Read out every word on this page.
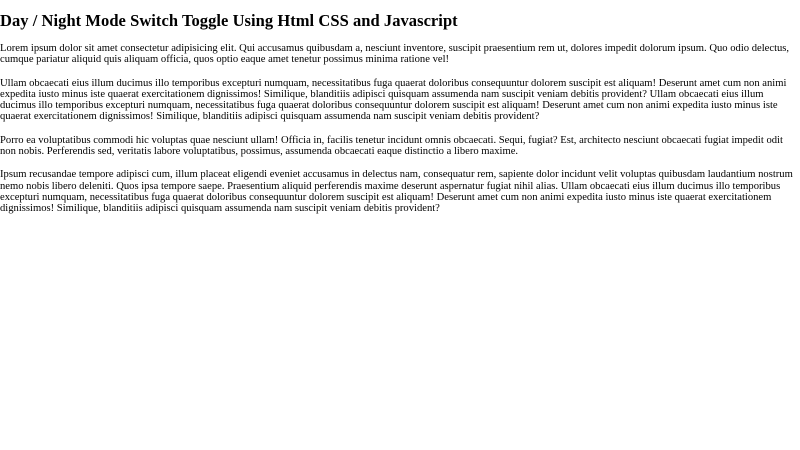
Day / Night Mode Switch Toggle Using Html CSS and Javascript

Lorem ipsum dolor sit amet consectetur adipisicing elit. Qui accusamus quibusdam a, nesciunt inventore, suscipit praesentium rem ut, dolores impedit dolorum ipsum. Quo odio delectus, cumque pariatur aliquid quis aliquam officia, quos optio eaque amet tenetur possimus minima ratione vel!

Ullam obcaecati eius illum ducimus illo temporibus excepturi numquam, necessitatibus fuga quaerat doloribus consequuntur dolorem suscipit est aliquam! Deserunt amet cum non animi expedita iusto minus iste quaerat exercitationem dignissimos! Similique, blanditiis adipisci quisquam assumenda nam suscipit veniam debitis provident? Ullam obcaecati eius illum ducimus illo temporibus excepturi numquam, necessitatibus fuga quaerat doloribus consequuntur dolorem suscipit est aliquam! Deserunt amet cum non animi expedita iusto minus iste quaerat exercitationem dignissimos! Similique, blanditiis adipisci quisquam assumenda nam suscipit veniam debitis provident?

Porro ea voluptatibus commodi hic voluptas quae nesciunt ullam! Officia in, facilis tenetur incidunt omnis obcaecati. Sequi, fugiat? Est, architecto nesciunt obcaecati fugiat impedit odit non nobis. Perferendis sed, veritatis labore voluptatibus, possimus, assumenda obcaecati eaque distinctio a libero maxime.

Ipsum recusandae tempore adipisci cum, illum placeat eligendi eveniet accusamus in delectus nam, consequatur rem, sapiente dolor incidunt velit voluptas quibusdam laudantium nostrum nemo nobis libero deleniti. Quos ipsa tempore saepe. Praesentium aliquid perferendis maxime deserunt aspernatur fugiat nihil alias. Ullam obcaecati eius illum ducimus illo temporibus excepturi numquam, necessitatibus fuga quaerat doloribus consequuntur dolorem suscipit est aliquam! Deserunt amet cum non animi expedita iusto minus iste quaerat exercitationem dignissimos! Similique, blanditiis adipisci quisquam assumenda nam suscipit veniam debitis provident?
